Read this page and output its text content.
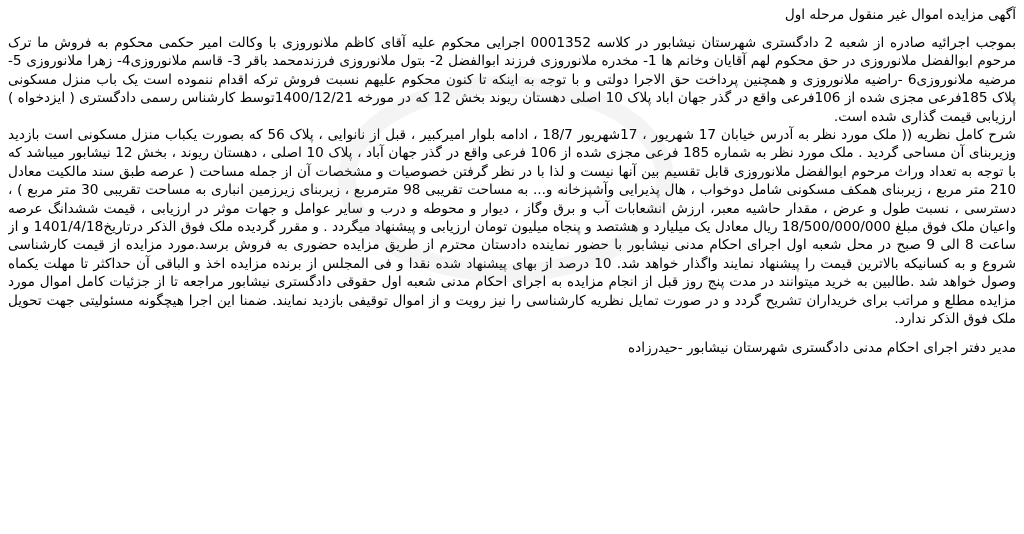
آگهی مزایده اموال غیر منقول مرحله اول

بموجب اجرائیه صادره از شعبه 2 دادگستری شهرستان نیشابور در کلاسه 0001352 اجرایی محکوم علیه آقای کاظم ملانوروزی با وکالت امیر حکمی محکوم به فروش ما ترک مرحوم ابوالفضل ملانوروزی در حق محکوم لهم آقایان وخانم ها 1- مخدره ملانوروزی فرزند ابوالفضل 2- بتول ملانوروزی فرزندمحمد باقر 3- قاسم ملانوروزی4- زهرا ملانوروزی 5- مرضیه ملانوروزی6 -راضیه ملانوروزی و همچنین پرداخت حق الاجرا دولتی و با توجه به اینکه تا کنون محکوم علیهم نسبت فروش ترکه اقدام ننموده است یک باب منزل مسکونی پلاک 185فرعی مجزی شده از 106فرعی واقع در گذر جهان اباد پلاک 10 اصلی دهستان ریوند بخش 12 که در مورخه 1400/12/21توسط کارشناس رسمی دادگستری ( ایزدخواه ) ارزیابی قیمت گذاری شده است.

شرح کامل نظریه (( ملک مورد نظر به آدرس خیابان 17 شهریور ، 17شهریور 18/7 ، ادامه بلوار امیرکبیر ، قبل از نانوایی ، پلاک 56 که بصورت یکباب منزل مسکونی است بازدید وزیربنای آن مساحی گردید . ملک مورد نظر به شماره 185 فرعی مجزی شده از 106 فرعی واقع در گذر جهان آباد ، پلاک 10 اصلی ، دهستان ریوند ، بخش 12 نیشابور میباشد که با توجه به تعداد وراث مرحوم ابوالفضل ملانوروزی قابل تقسیم بین آنها نیست و لذا با در نظر گرفتن خصوصیات و مشخصات آن از جمله مساحت ( عرصه طبق سند مالکیت معادل 210 متر مربع ، زیربنای همکف مسکونی شامل دوخواب ، هال پذیرایی وآشپزخانه و... به مساحت تقریبی 98 مترمربع ، زیربنای زیرزمین انباری به مساحت تقریبی 30 متر مربع ) ، دسترسی ، نسبت طول و عرض ، مقدار حاشیه معبر، ارزش انشعابات آب و برق وگاز ، دیوار و محوطه و درب و سایر عوامل و جهات موثر در ارزیابی ، قیمت ششدانگ عرصه واعیان ملک فوق مبلغ 18/500/000/000 ریال معادل یک میلیارد و هشتصد و پنجاه میلیون تومان ارزیابی و پیشنهاد میگردد . و مقرر گردیده ملک فوق الذکر درتاریخ1401/4/18 و از ساعت 8 الی 9 صبح در محل شعبه اول اجرای احکام مدنی نیشابور با حضور نماینده دادستان محترم از طریق مزایده حضوری به فروش برسد.مورد مزایده از قیمت کارشناسی شروع و به کسانیکه بالاترین قیمت را پیشنهاد نمایند واگذار خواهد شد. 10 درصد از بهای پیشنهاد شده نقدا و فی المجلس از برنده مزایده اخذ و الباقی آن حداکثر تا مهلت یکماه وصول خواهد شد .طالبین به خرید میتوانند در مدت پنج روز قبل از انجام مزایده به اجرای احکام مدنی شعبه اول حقوقی دادگستری نیشابور مراجعه تا از جزئیات کامل اموال مورد مزایده مطلع و مراتب برای خریداران تشریح گردد و در صورت تمایل نظریه کارشناسی را نیز رویت و از اموال توقیفی بازدید نمایند. ضمنا این اجرا هیچگونه مسئولیتی جهت تحویل ملک فوق الذکر ندارد.

مدیر دفتر اجرای احکام مدنی دادگستری شهرستان نیشابور -حیدرزاده
